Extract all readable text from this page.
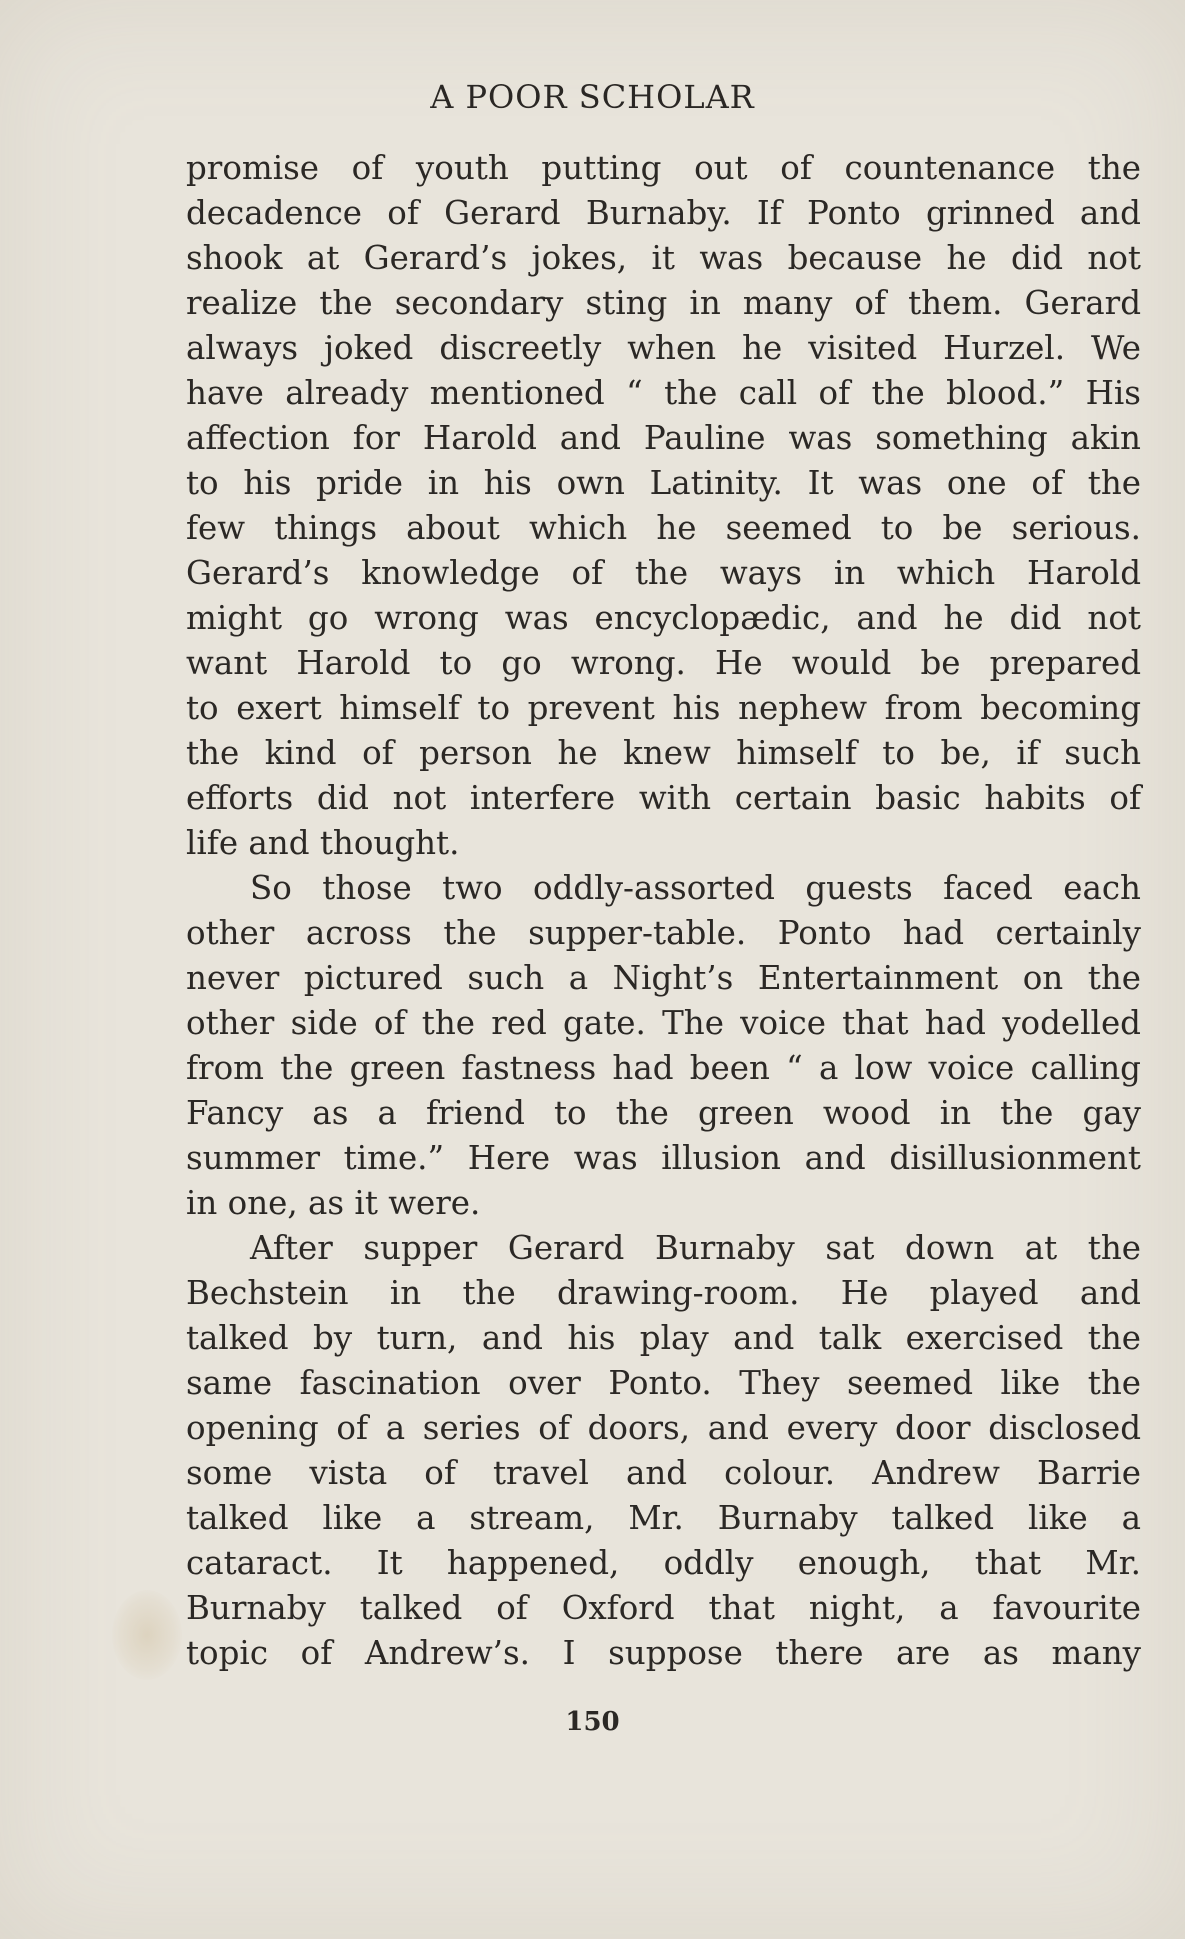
A POOR SCHOLAR
promise of youth putting out of countenance the
decadence of Gerard Burnaby. If Ponto grinned and
shook at Gerard’s jokes, it was because he did not
realize the secondary sting in many of them. Gerard
always joked discreetly when he visited Hurzel. We
have already mentioned “ the call of the blood.” His
affection for Harold and Pauline was something akin
to his pride in his own Latinity. It was one of the
few things about which he seemed to be serious.
Gerard’s knowledge of the ways in which Harold
might go wrong was encyclopædic, and he did not
want Harold to go wrong. He would be prepared
to exert himself to prevent his nephew from becoming
the kind of person he knew himself to be, if such
efforts did not interfere with certain basic habits of
life and thought.
So those two oddly-assorted guests faced each
other across the supper-table. Ponto had certainly
never pictured such a Night’s Entertainment on the
other side of the red gate. The voice that had yodelled
from the green fastness had been “ a low voice calling
Fancy as a friend to the green wood in the gay
summer time.” Here was illusion and disillusionment
in one, as it were.
After supper Gerard Burnaby sat down at the
Bechstein in the drawing-room. He played and
talked by turn, and his play and talk exercised the
same fascination over Ponto. They seemed like the
opening of a series of doors, and every door disclosed
some vista of travel and colour. Andrew Barrie
talked like a stream, Mr. Burnaby talked like a
cataract. It happened, oddly enough, that Mr.
Burnaby talked of Oxford that night, a favourite
topic of Andrew’s. I suppose there are as many
150
